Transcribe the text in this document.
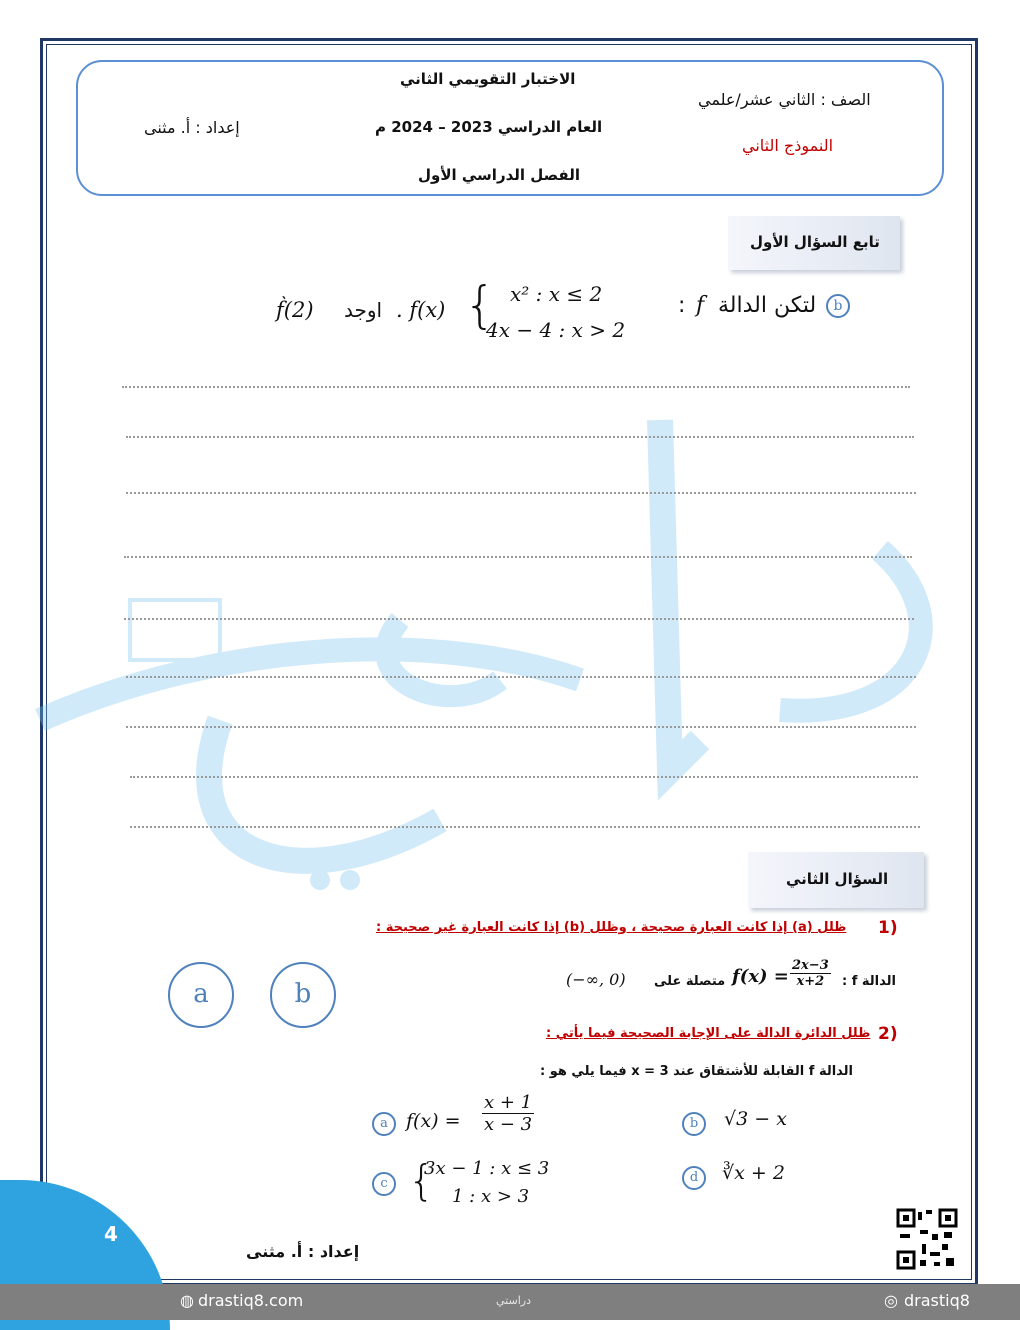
الاختبار التقويمي الثاني
العام الدراسي 2023 – 2024 م
الفصل الدراسي الأول
الصف : الثاني عشر/علمي
النموذج الثاني
إعداد : أ. مثنى
تابع السؤال الأول
b
لتكن الدالة
f
:
{ x² : x ≤ 2
4x − 4 : x > 2
. f(x)
اوجد
f̀(2)
السؤال الثاني
1)
ظلل (a) إذا كانت العبارة صحيحة ، وظلل (b) إذا كانت العبارة غير صحيحة :
الدالة f :
$f(x) = \frac{2x-3}{x+2}$
متصلة على
(−∞, 0)
a	b
2)
ظلل الدائرة الدالة على الإجابة الصحيحة فيما يأتي :
الدالة f القابلة للأشتقاق عند x = 3 فيما يلي هو :
a $f(x) = \frac{x + 1}{x - 3}$	b	√3 − x
c {
3x − 1 : x ≤ 3
1 : x > 3
d	∛x + 2
4
إعداد : أ. مثنى
◍ drastiq8.com	دراستي	◎ drastiq8
